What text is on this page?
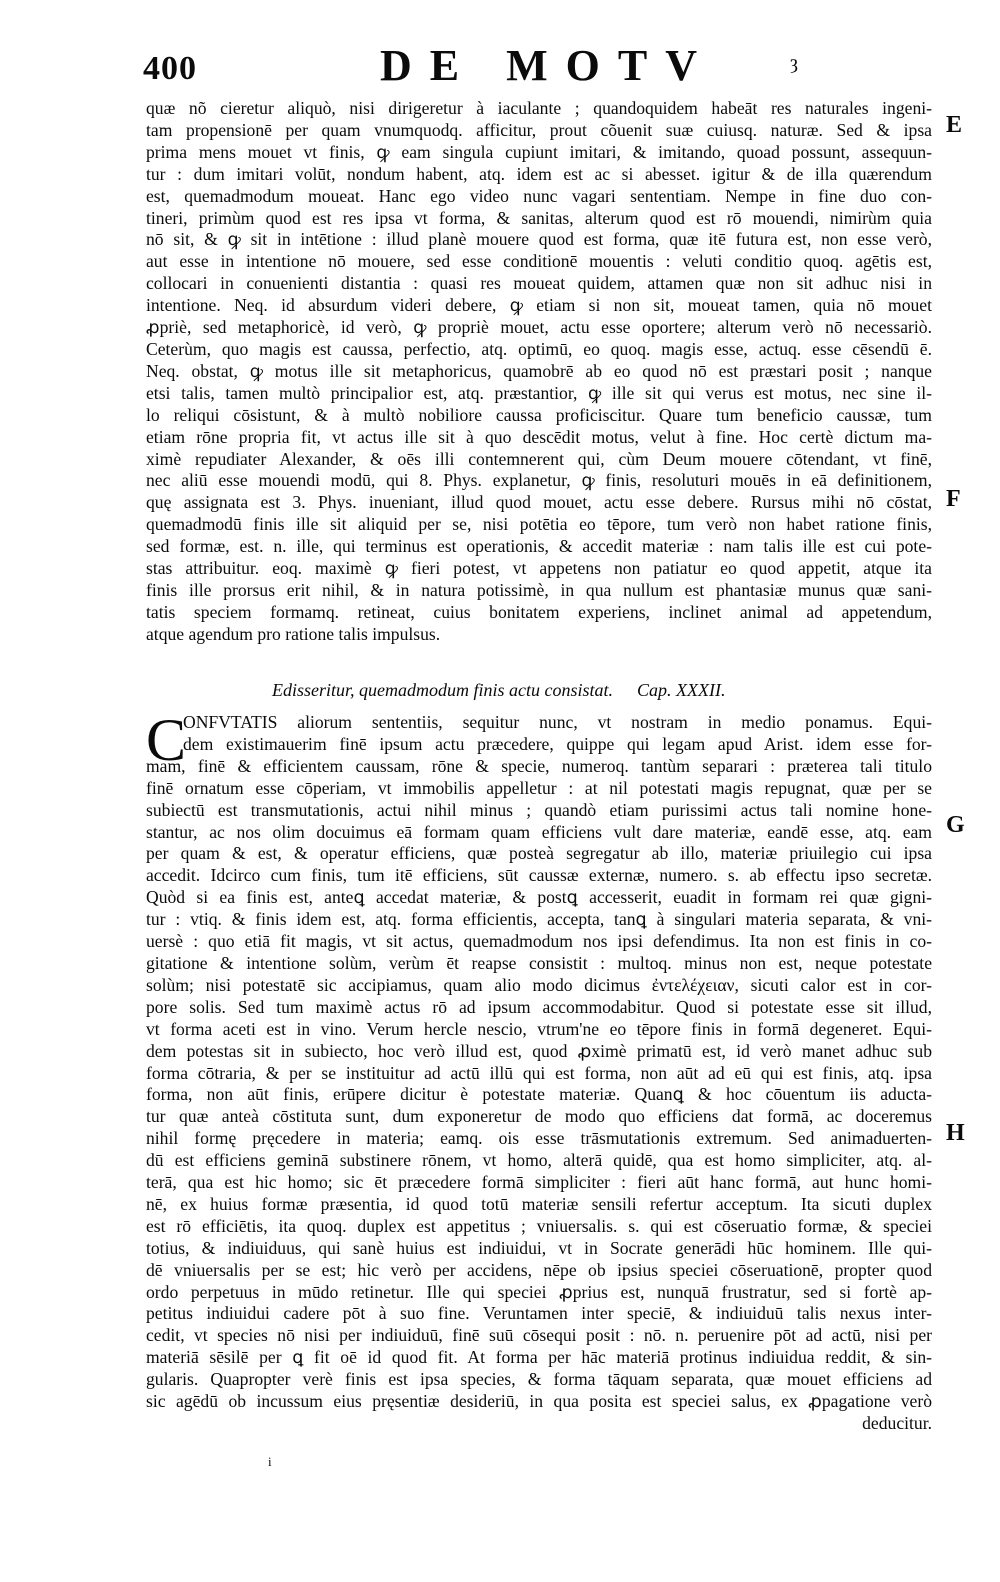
400	DE MOTV	ȝ
E
F
G
H
quæ nõ cieretur aliquò, nisi dirigeretur à iaculante ; quandoquidem habeāt res naturales ingeni-
tam propensionē per quam vnumquodq. afficitur, prout cõuenit suæ cuiusq. naturæ. Sed & ipsa
prima mens mouet vt finis, ꝙ eam singula cupiunt imitari, & imitando, quoad possunt, assequun-
tur : dum imitari volūt, nondum habent, atq. idem est ac si abesset. igitur & de illa quærendum
est, quemadmodum moueat. Hanc ego video nunc vagari sententiam. Nempe in fine duo con-
tineri, primùm quod est res ipsa vt forma, & sanitas, alterum quod est rō mouendi, nimirùm quia
nō sit, & ꝙ sit in intētione : illud planè mouere quod est forma, quæ itē futura est, non esse verò,
aut esse in intentione nō mouere, sed esse conditionē mouentis : veluti conditio quoq. agētis est,
collocari in conuenienti distantia : quasi res moueat quidem, attamen quæ non sit adhuc nisi in
intentione. Neq. id absurdum videri debere, ꝙ etiam si non sit, moueat tamen, quia nō mouet
ꝓpriè, sed metaphoricè, id verò, ꝙ propriè mouet, actu esse oportere; alterum verò nō necessariò.
Ceterùm, quo magis est caussa, perfectio, atq. optimū, eo quoq. magis esse, actuq. esse cēsendū ē.
Neq. obstat, ꝙ motus ille sit metaphoricus, quamobrē ab eo quod nō est præstari posit ; nanque
etsi talis, tamen multò principalior est, atq. præstantior, ꝙ ille sit qui verus est motus, nec sine il-
lo reliqui cōsistunt, & à multò nobiliore caussa proficiscitur. Quare tum beneficio caussæ, tum
etiam rōne propria fit, vt actus ille sit à quo descēdit motus, velut à fine. Hoc certè dictum ma-
ximè repudiater Alexander, & oēs illi contemnerent qui, cùm Deum mouere cōtendant, vt finē,
nec aliū esse mouendi modū, qui 8. Phys. explanetur, ꝙ finis, resoluturi mouēs in eā definitionem,
quę assignata est 3. Phys. inueniant, illud quod mouet, actu esse debere. Rursus mihi nō cōstat,
quemadmodū finis ille sit aliquid per se, nisi potētia eo tēpore, tum verò non habet ratione finis,
sed formæ, est. n. ille, qui terminus est operationis, & accedit materiæ : nam talis ille est cui pote-
stas attribuitur. eoq. maximè ꝙ fieri potest, vt appetens non patiatur eo quod appetit, atque ita
finis ille prorsus erit nihil, & in natura potissimè, in qua nullum est phantasiæ munus quæ sani-
tatis speciem formamq. retineat, cuius bonitatem experiens, inclinet animal ad appetendum,
atque agendum pro ratione talis impulsus.
Edisseritur, quemadmodum finis actu consistat. Cap. XXXII.
C
ONFVTATIS aliorum sententiis, sequitur nunc, vt nostram in medio ponamus. Equi-
dem existimauerim finē ipsum actu præcedere, quippe qui legam apud Arist. idem esse for-
mam, finē & efficientem caussam, rōne & specie, numeroq. tantùm separari : præterea tali titulo
finē ornatum esse cōperiam, vt immobilis appelletur : at nil potestati magis repugnat, quæ per se
subiectū est transmutationis, actui nihil minus ; quandò etiam purissimi actus tali nomine hone-
stantur, ac nos olim docuimus eā formam quam efficiens vult dare materiæ, eandē esse, atq. eam
per quam & est, & operatur efficiens, quæ posteà segregatur ab illo, materiæ priuilegio cui ipsa
accedit. Idcirco cum finis, tum itē efficiens, sūt caussæ externæ, numero. s. ab effectu ipso secretæ.
Quòd si ea finis est, anteꝗ accedat materiæ, & postꝗ accesserit, euadit in formam rei quæ gigni-
tur : vtiq. & finis idem est, atq. forma efficientis, accepta, tanꝗ à singulari materia separata, & vni-
uersè : quo etiā fit magis, vt sit actus, quemadmodum nos ipsi defendimus. Ita non est finis in co-
gitatione & intentione solùm, verùm ēt reapse consistit : multoq. minus non est, neque potestate
solùm; nisi potestatē sic accipiamus, quam alio modo dicimus ἐντελέχειαν, sicuti calor est in cor-
pore solis. Sed tum maximè actus rō ad ipsum accommodabitur. Quod si potestate esse sit illud,
vt forma aceti est in vino. Verum hercle nescio, vtrum'ne eo tēpore finis in formā degeneret. Equi-
dem potestas sit in subiecto, hoc verò illud est, quod ꝓximè primatū est, id verò manet adhuc sub
forma cōtraria, & per se instituitur ad actū illū qui est forma, non aūt ad eū qui est finis, atq. ipsa
forma, non aūt finis, erūpere dicitur è potestate materiæ. Quanꝗ & hoc cōuentum iis aducta-
tur quæ anteà cōstituta sunt, dum exponeretur de modo quo efficiens dat formā, ac doceremus
nihil formę pręcedere in materia; eamq. ois esse trāsmutationis extremum. Sed animaduerten-
dū est efficiens geminā substinere rōnem, vt homo, alterā quidē, qua est homo simpliciter, atq. al-
terā, qua est hic homo; sic ēt præcedere formā simpliciter : fieri aūt hanc formā, aut hunc homi-
nē, ex huius formæ præsentia, id quod totū materiæ sensili refertur acceptum. Ita sicuti duplex
est rō efficiētis, ita quoq. duplex est appetitus ; vniuersalis. s. qui est cōseruatio formæ, & speciei
totius, & indiuiduus, qui sanè huius est indiuidui, vt in Socrate generādi hūc hominem. Ille qui-
dē vniuersalis per se est; hic verò per accidens, nēpe ob ipsius speciei cōseruationē, propter quod
ordo perpetuus in mūdo retinetur. Ille qui speciei ꝓprius est, nunquā frustratur, sed si fortè ap-
petitus indiuidui cadere pōt à suo fine. Veruntamen inter speciē, & indiuiduū talis nexus inter-
cedit, vt species nō nisi per indiuiduū, finē suū cōsequi posit : nō. n. peruenire pōt ad actū, nisi per
materiā sēsilē per ꝗ fit oē id quod fit. At forma per hāc materiā protinus indiuidua reddit, & sin-
gularis. Quapropter verè finis est ipsa species, & forma tāquam separata, quæ mouet efficiens ad
sic agēdū ob incussum eius pręsentiæ desideriū, in qua posita est speciei salus, ex ꝓpagatione verò
deducitur.
i
